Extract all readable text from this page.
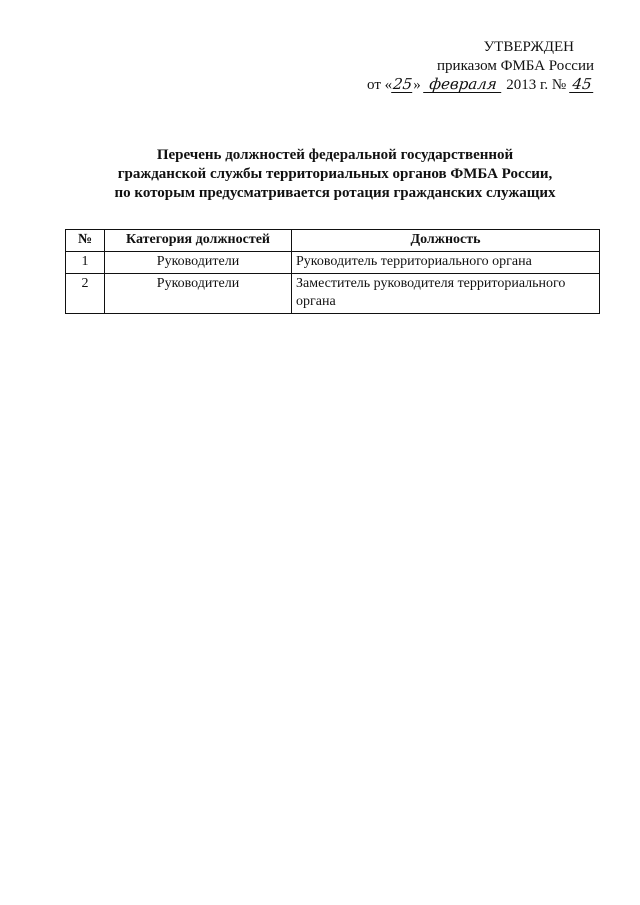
УТВЕРЖДЕН
приказом ФМБА России
от «25» февраля 2013 г. № 45
Перечень должностей федеральной государственной
гражданской службы территориальных органов ФМБА России,
по которым предусматривается ротация гражданских служащих
№	Категория должностей	Должность
1	Руководители	Руководитель территориального органа
2	Руководители	Заместитель руководителя территориального органа
